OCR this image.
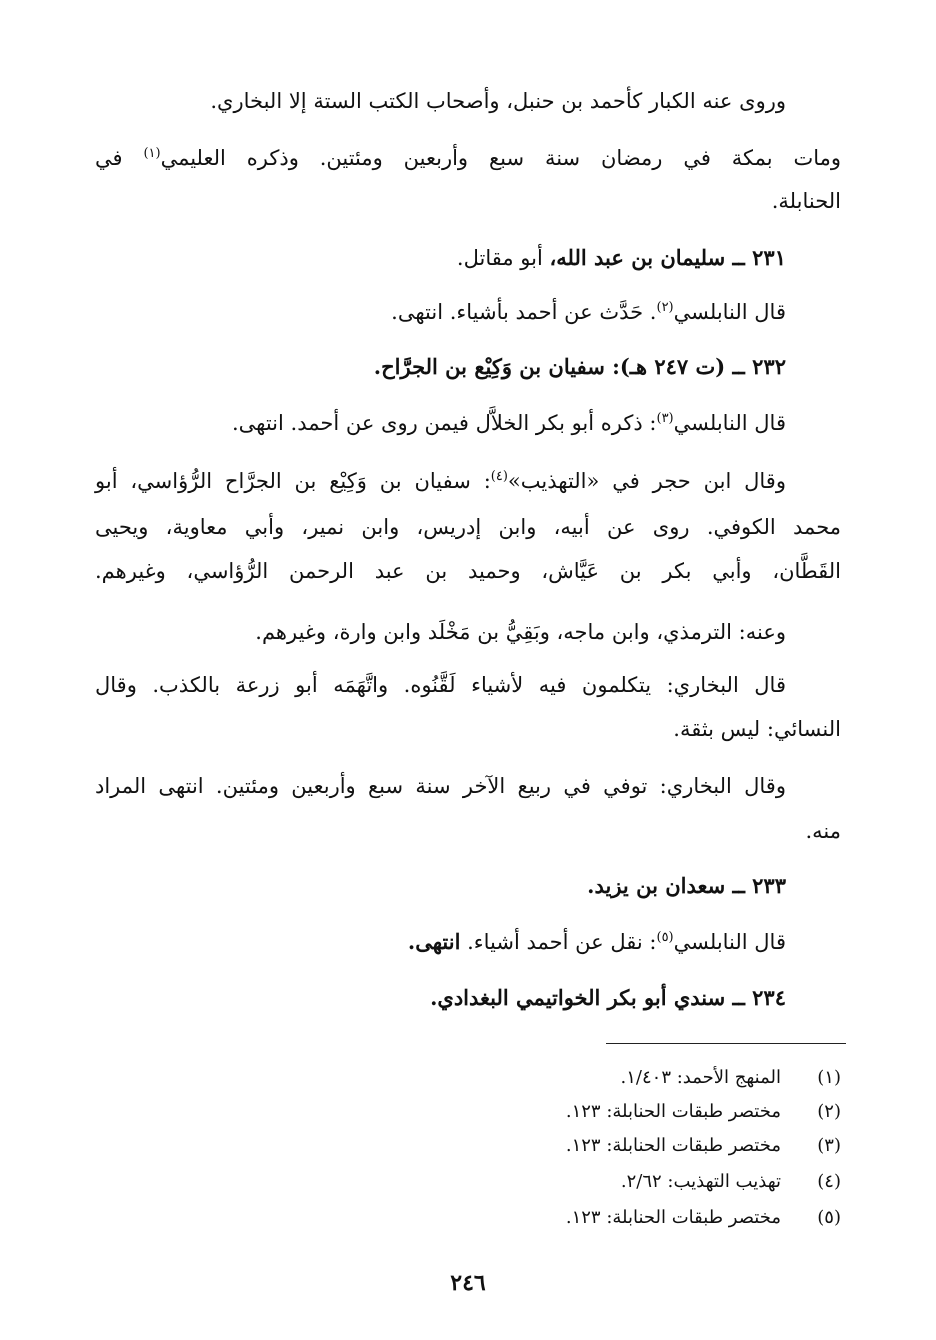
وروى عنه الكبار كأحمد بن حنبل، وأصحاب الكتب الستة إلا البخاري.
ومات بمكة في رمضان سنة سبع وأربعين ومئتين. وذكره العليمي$^{(١)}$ في
الحنابلة.
٢٣١ ــ سليمان بن عبد الله، أبو مقاتل.
قال النابلسي$^{(٢)}$. حَدَّث عن أحمد بأشياء. انتهى.
٢٣٢ ــ (ت ٢٤٧ هـ): سفيان بن وَكِيْع بن الجرَّاح.
قال النابلسي$^{(٣)}$: ذكره أبو بكر الخلاَّل فيمن روى عن أحمد. انتهى.
وقال ابن حجر في «التهذيب»$^{(٤)}$: سفيان بن وَكِيْع بن الجرَّاح الرُّؤاسي، أبو
محمد الكوفي. روى عن أبيه، وابن إدريس، وابن نمير، وأبي معاوية، ويحيى
القَطَّان، وأبي بكر بن عَيَّاش، وحميد بن عبد الرحمن الرُّؤاسي، وغيرهم.
وعنه: الترمذي، وابن ماجه، وبَقِيُّ بن مَخْلَد وابن وارة، وغيرهم.
قال البخاري: يتكلمون فيه لأشياء لَقَّنُوه. واتَّهَمَه أبو زرعة بالكذب. وقال
النسائي: ليس بثقة.
وقال البخاري: توفي في ربيع الآخر سنة سبع وأربعين ومئتين. انتهى المراد
منه.
٢٣٣ ــ سعدان بن يزيد.
قال النابلسي$^{(٥)}$: نقل عن أحمد أشياء. انتهى.
٢٣٤ ــ سندي أبو بكر الخواتيمي البغدادي.
(١)المنهج الأحمد: ١/٤٠٣.
(٢)مختصر طبقات الحنابلة: ١٢٣.
(٣)مختصر طبقات الحنابلة: ١٢٣.
(٤)تهذيب التهذيب: ٢/٦٢.
(٥)مختصر طبقات الحنابلة: ١٢٣.
٢٤٦
